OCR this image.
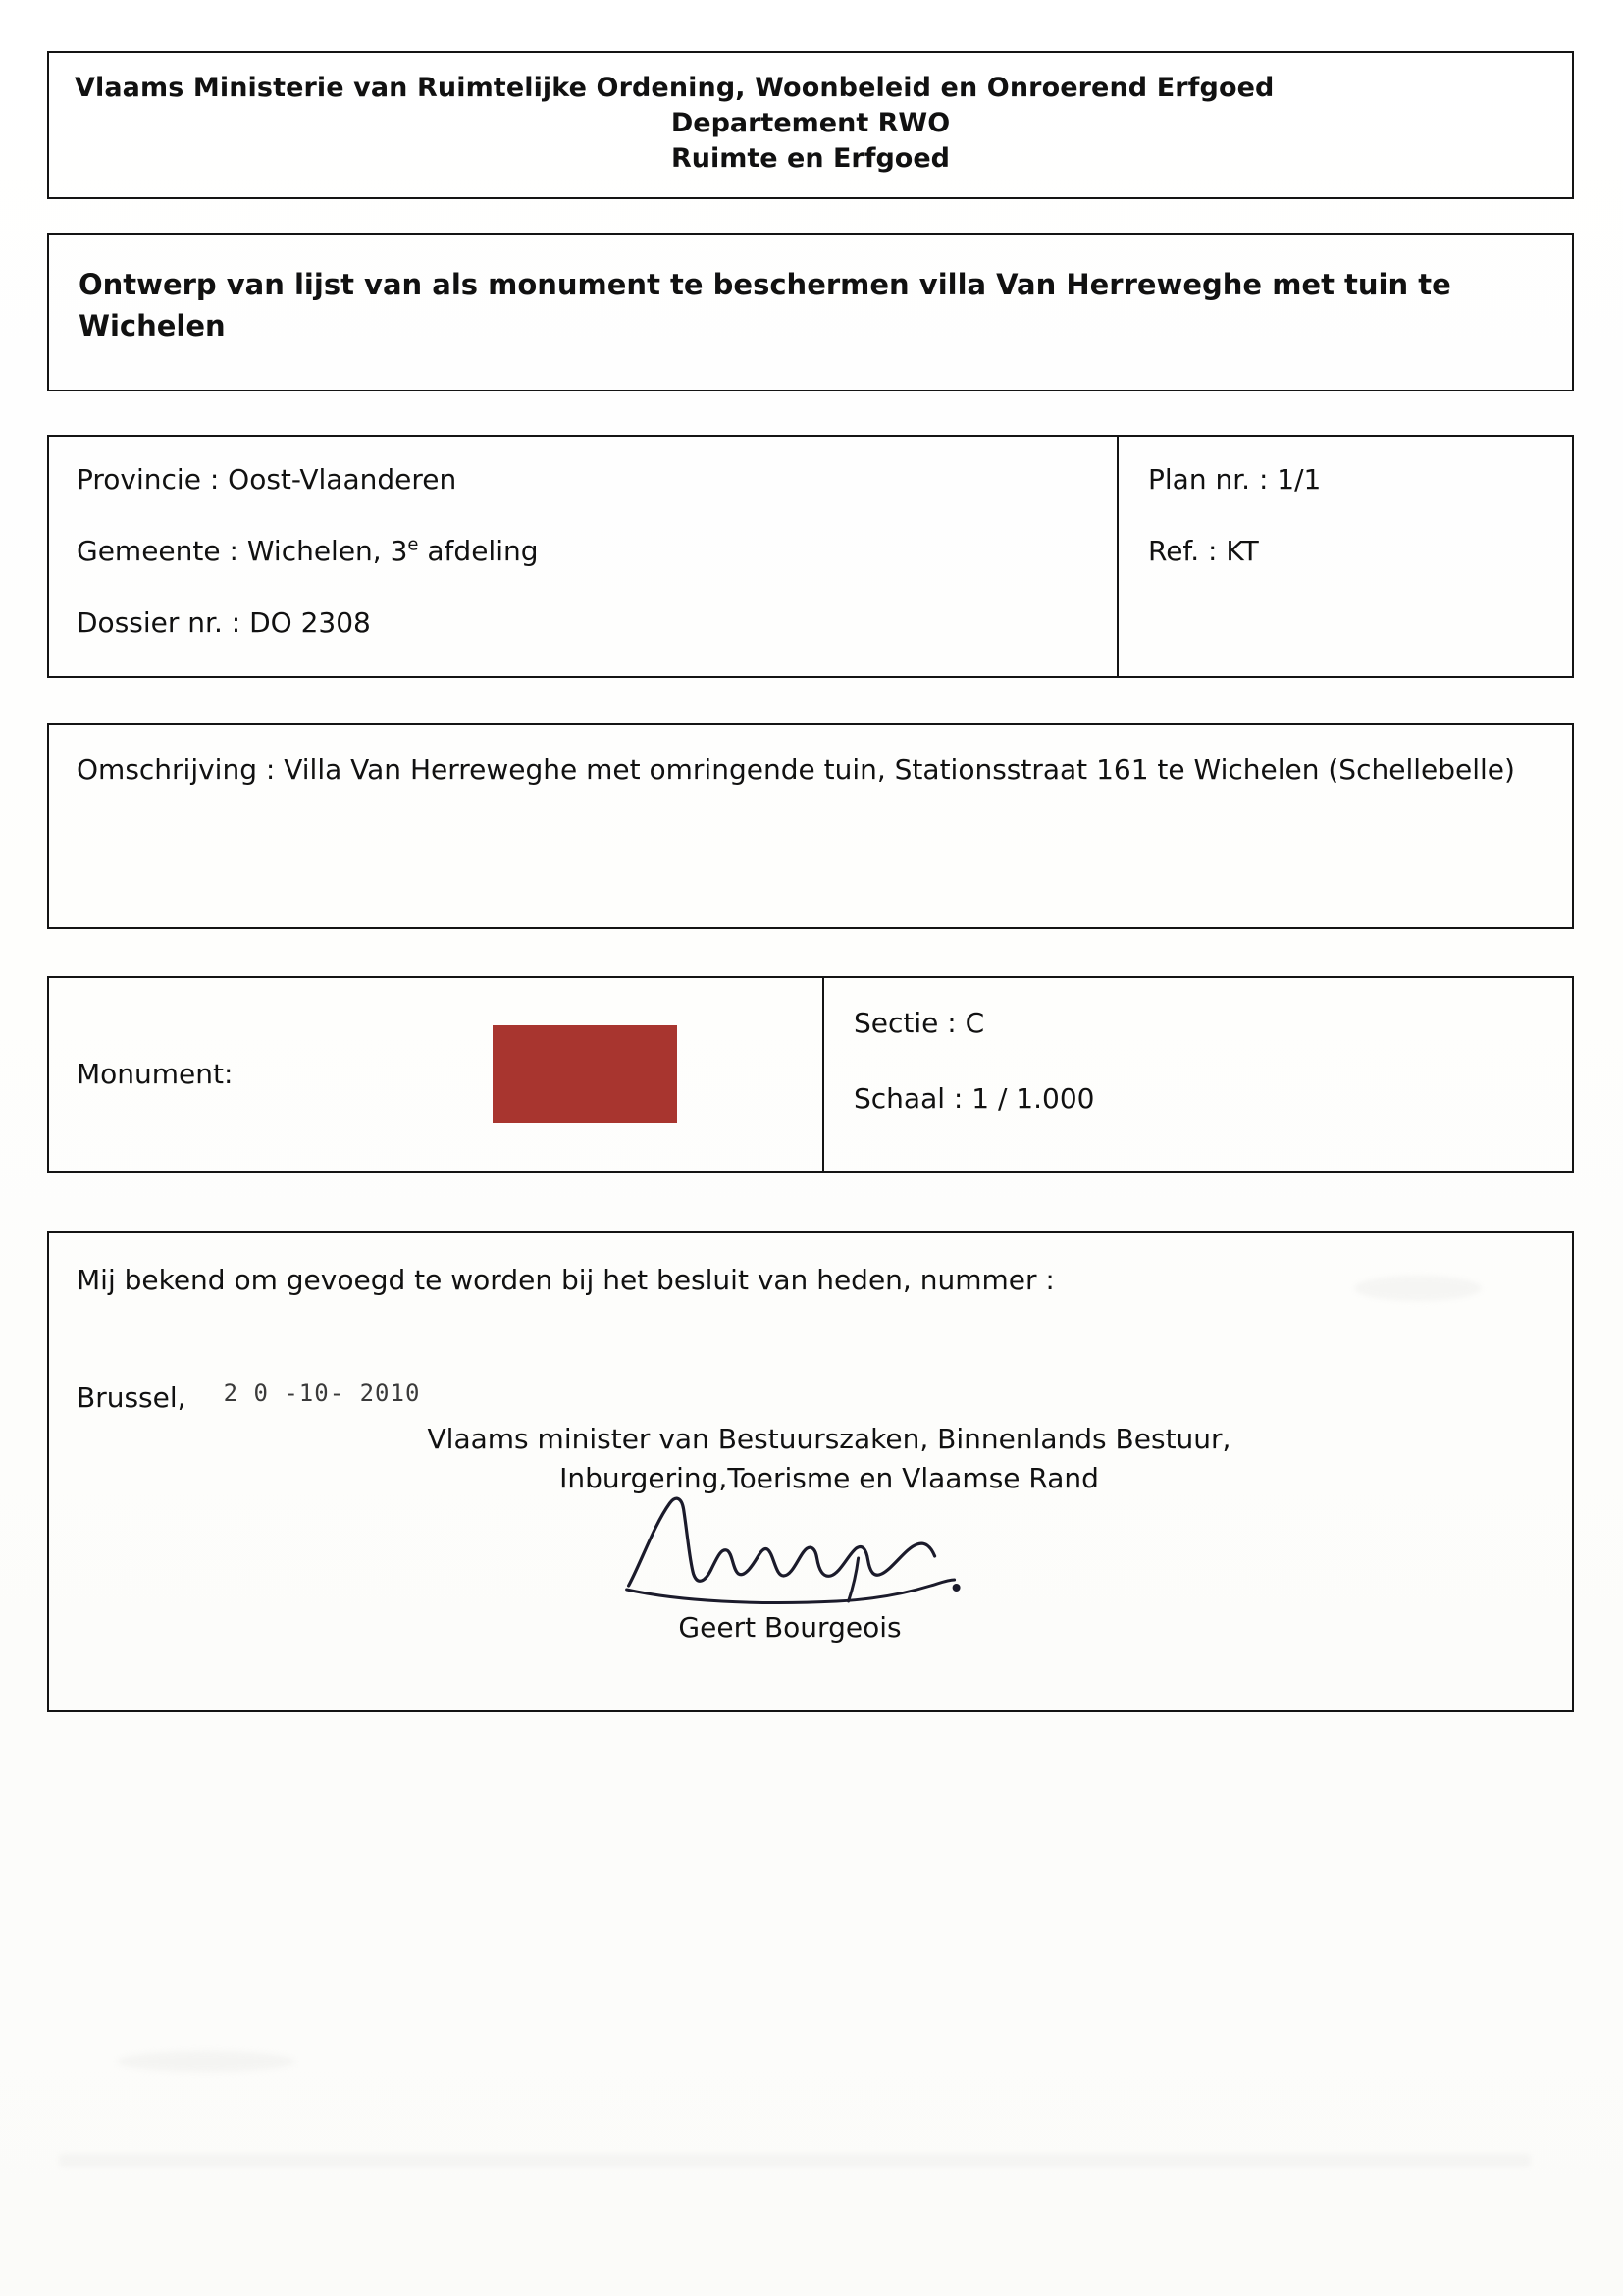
Vlaams Ministerie van Ruimtelijke Ordening, Woonbeleid en Onroerend Erfgoed
Departement RWO
Ruimte en Erfgoed
Ontwerp van lijst van als monument te beschermen villa Van Herreweghe met tuin te Wichelen
Provincie : Oost-Vlaanderen
Gemeente : Wichelen, 3e afdeling
Dossier nr. : DO 2308
Plan nr. : 1/1
Ref. : KT
Omschrijving : Villa Van Herreweghe met omringende tuin, Stationsstraat 161 te Wichelen (Schellebelle)
Monument:
Sectie : C
Schaal : 1 / 1.000
Mij bekend om gevoegd te worden bij het besluit van heden, nummer :
Brussel, 2 0 -10- 2010
Vlaams minister van Bestuurszaken, Binnenlands Bestuur,
Inburgering,Toerisme en Vlaamse Rand
Geert Bourgeois
